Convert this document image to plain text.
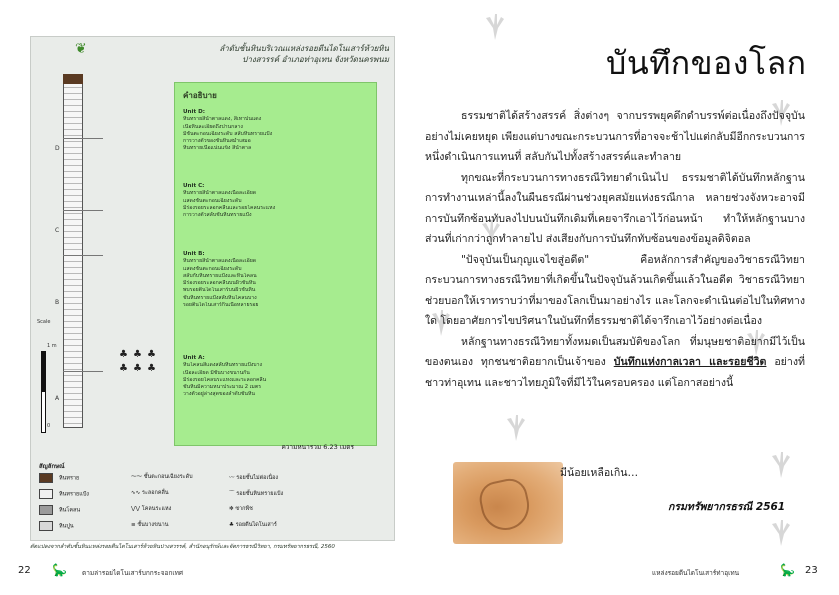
❦	ลำดับชั้นหินบริเวณแหล่งรอยตีนไดโนเสาร์ห้วยหิน
ปางสวรรค์ อำเภอท่าอุเทน จังหวัดนครพนม
D
C
B
A
Scale
1 m
0
♣ ♣ ♣
♣ ♣ ♣
คำอธิบาย
Unit D:
หินทรายสีน้ำตาลแดง, สีเทาปนแดง
เนื้อหินละเอียดถึงปานกลาง
มีชั้นตะกอนเฉียงระดับ สลับหินทรายแป้ง
การวางตัวของชั้นหินสม่ำเสมอ
หินทรายเนื้อแน่นแข็ง สีน้ำตาล
Unit C:
หินทรายสีน้ำตาลแดงเนื้อละเอียด
แสดงชั้นตะกอนเฉียงระดับ
มีร่องรอยระลอกคลื่นและรอยโคลนระแหง
การวางตัวสลับชั้นหินทรายแป้ง
Unit B:
หินทรายสีน้ำตาลแดงเนื้อละเอียด
แสดงชั้นตะกอนเฉียงระดับ
สลับกับหินทรายแป้งและหินโคลน
มีร่องรอยระลอกคลื่นบนผิวชั้นหิน
พบรอยตีนไดโนเสาร์บนผิวชั้นหิน
ชั้นหินทรายแป้งสลับหินโคลนบาง
รอยตีนไดโนเสาร์กินเนื้อหลายรอย
Unit A:
หินโคลนสีแดงสลับหินทรายแป้งบาง
เนื้อละเอียด มีชั้นบางขนานกัน
มีร่องรอยโคลนระแหงและระลอกคลื่น
ชั้นหินมีความหนาประมาณ 2 เมตร
วางตัวอยู่ล่างสุดของลำดับชั้นหิน
ความหนารวม 6.23 เมตร
สัญลักษณ์
หินทราย
หินทรายแป้ง
หินโคลน
หินปูน
⁓⁓ ชั้นตะกอนเฉียงระดับ
∿∿ ระลอกคลื่น
⋁⋁ โคลนระแหง
≡ ชั้นบางขนาน
〰 รอยชั้นไม่ต่อเนื่อง
⌒ รอยชั้นหินทรายแป้ง
✻ ซากพืช
♣ รอยตีนไดโนเสาร์
ดัดแปลงจากลำดับชั้นหินแหล่งรอยตีนไดโนเสาร์ห้วยหินปางสวรรค์, สำนักอนุรักษ์และจัดการธรณีวิทยา, กรมทรัพยากรธรณี, 2560
22 🦕 ตามล่ารอยไดโนเสาร์บกกระจอกเทศ
บันทึกของโลก

ธรรมชาติได้สร้างสรรค์ สิ่งต่างๆ จากบรรพยุคดึกดำบรรพ์ต่อเนื่องถึงปัจจุบันอย่างไม่เคยหยุด เพียงแต่บางขณะกระบวนการที่อาจจะช้าไปแต่กลับมีอีกกระบวนการหนึ่งดำเนินการแทนที่ สลับกันไปทั้งสร้างสรรค์และทำลาย

ทุกขณะที่กระบวนการทางธรณีวิทยาดำเนินไป ธรรมชาติได้บันทึกหลักฐานการทำงานเหล่านี้ลงในผืนธรณีผ่านช่วงยุคสมัยแห่งธรณีกาล หลายช่วงจังหวะอาจมีการบันทึกซ้อนทับลงไปบนบันทึกเดิมที่เคยจารึกเอาไว้ก่อนหน้า ทำให้หลักฐานบางส่วนที่เก่ากว่าถูกทำลายไป ส่งเสียงกับการบันทึกทับซ้อนของข้อมูลดิจิตอล

"ปัจจุบันเป็นกุญแจไขสู่อดีต" คือหลักการสำคัญของวิชาธรณีวิทยา กระบวนการทางธรณีวิทยาที่เกิดขึ้นในปัจจุบันล้วนเกิดขึ้นแล้วในอดีต วิชาธรณีวิทยาช่วยบอกให้เราทราบว่าที่มาของโลกเป็นมาอย่างไร และโลกจะดำเนินต่อไปในทิศทางใด โดยอาศัยการไขปริศนาในบันทึกที่ธรรมชาติได้จารึกเอาไว้อย่างต่อเนื่อง

หลักฐานทางธรณีวิทยาทั้งหมดเป็นสมบัติของโลก ที่มนุษยชาติอยากมีไว้เป็นของตนเอง ทุกชนชาติอยากเป็นเจ้าของ บันทึกแห่งกาลเวลา และรอยชีวิต อย่างที่ชาวท่าอุเทน และชาวไทยภูมิใจที่มีไว้ในครอบครอง แต่โอกาสอย่างนี้

มีน้อยเหลือเกิน…
กรมทรัพยากรธรณี 2561
แหล่งรอยตีนไดโนเสาร์ท่าอุเทน	🦕 23
